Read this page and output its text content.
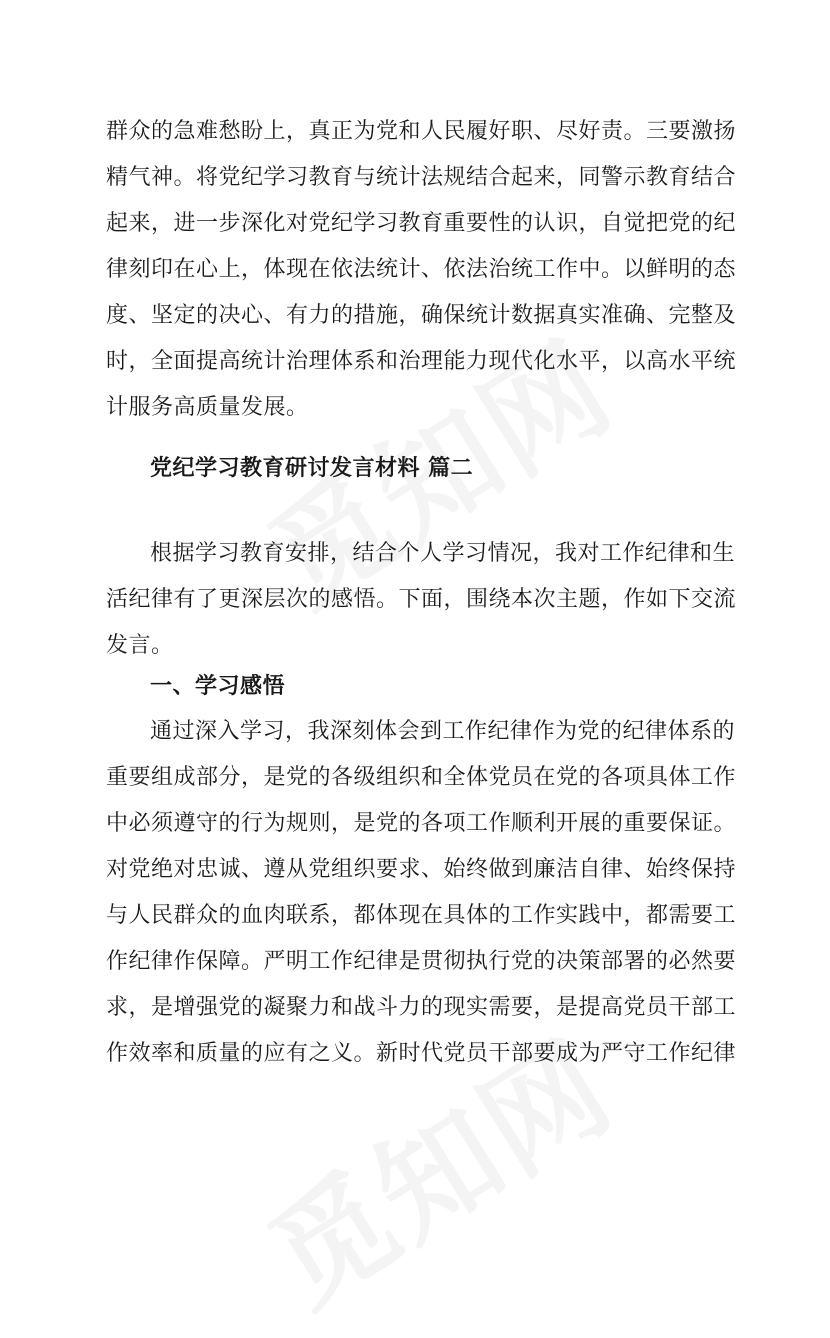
群众的急难愁盼上，真正为党和人民履好职、尽好责。三要激扬
精气神。将党纪学习教育与统计法规结合起来，同警示教育结合
起来，进一步深化对党纪学习教育重要性的认识，自觉把党的纪
律刻印在心上，体现在依法统计、依法治统工作中。以鲜明的态
度、坚定的决心、有力的措施，确保统计数据真实准确、完整及
时，全面提高统计治理体系和治理能力现代化水平，以高水平统
计服务高质量发展。
党纪学习教育研讨发言材料 篇二
根据学习教育安排，结合个人学习情况，我对工作纪律和生
活纪律有了更深层次的感悟。下面，围绕本次主题，作如下交流
发言。
一、学习感悟
通过深入学习，我深刻体会到工作纪律作为党的纪律体系的
重要组成部分，是党的各级组织和全体党员在党的各项具体工作
中必须遵守的行为规则，是党的各项工作顺利开展的重要保证。
对党绝对忠诚、遵从党组织要求、始终做到廉洁自律、始终保持
与人民群众的血肉联系，都体现在具体的工作实践中，都需要工
作纪律作保障。严明工作纪律是贯彻执行党的决策部署的必然要
求，是增强党的凝聚力和战斗力的现实需要，是提高党员干部工
作效率和质量的应有之义。新时代党员干部要成为严守工作纪律
